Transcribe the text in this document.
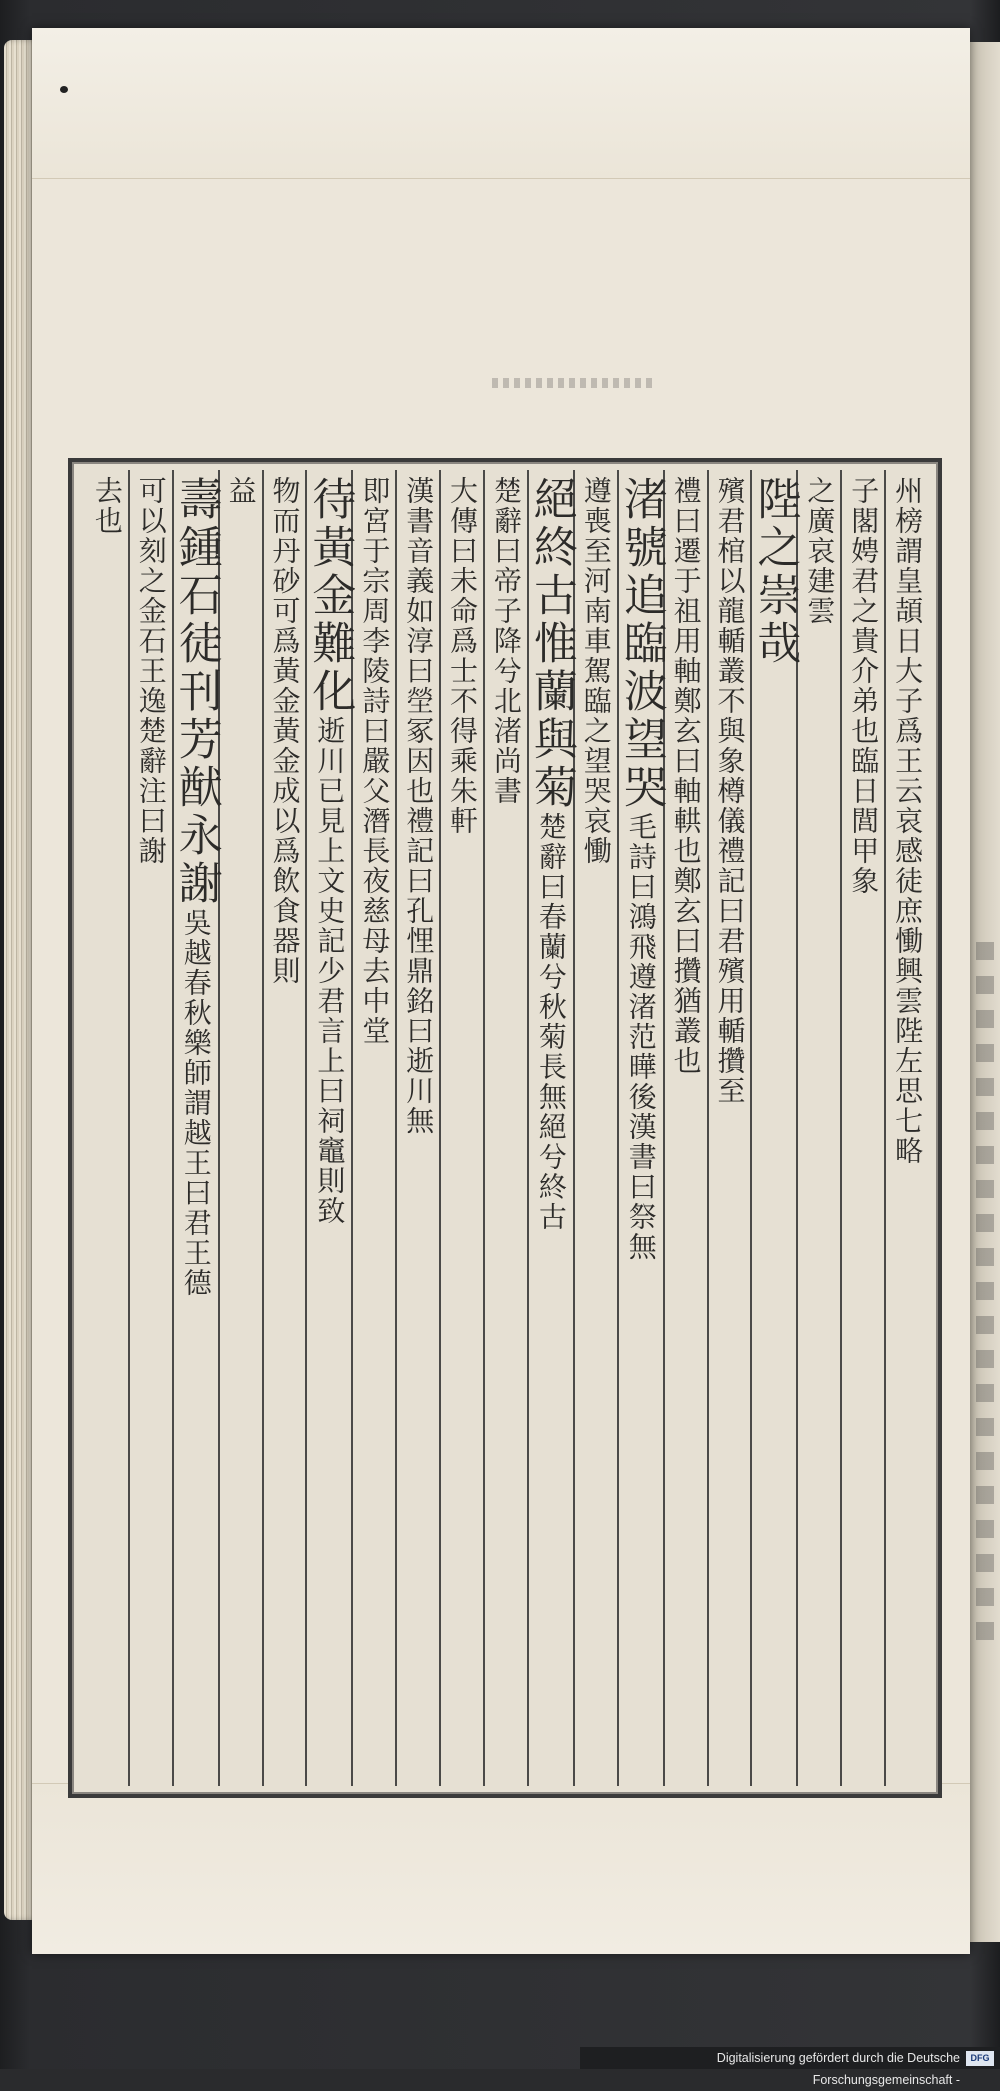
州榜謂皇頡日大子爲王云哀感徒庶慟興雲陛左思七略
子閣娉君之貴介弟也臨日閭甲象
之廣哀建雲
陛之崇哉
殯君棺以龍輴叢不與象樽儀禮記曰君殯用輴攢至
禮曰遷于祖用軸鄭玄曰軸輁也鄭玄曰攢猶叢也
渚號追臨波望哭毛詩曰鴻飛遵渚范曄後漢書曰祭無
遵喪至河南車駕臨之望哭哀慟
絕終古惟蘭與菊楚辭曰春蘭兮秋菊長無絕兮終古
楚辭曰帝子降兮北渚尚書
大傳曰未命爲士不得乘朱軒
漢書音義如淳曰塋冢因也禮記曰孔悝鼎銘曰逝川無
即宮于宗周李陵詩曰嚴父潛長夜慈母去中堂
待黃金難化逝川已見上文史記少君言上曰祠竈則致
物而丹砂可爲黃金黃金成以爲飲食器則
益
壽鍾石徒刊芳猷永謝吳越春秋樂師謂越王曰君王德
可以刻之金石王逸楚辭注曰謝
去也
Digitalisierung gefördert durch die Deutsche Forschungsgemeinschaft -
DFG
